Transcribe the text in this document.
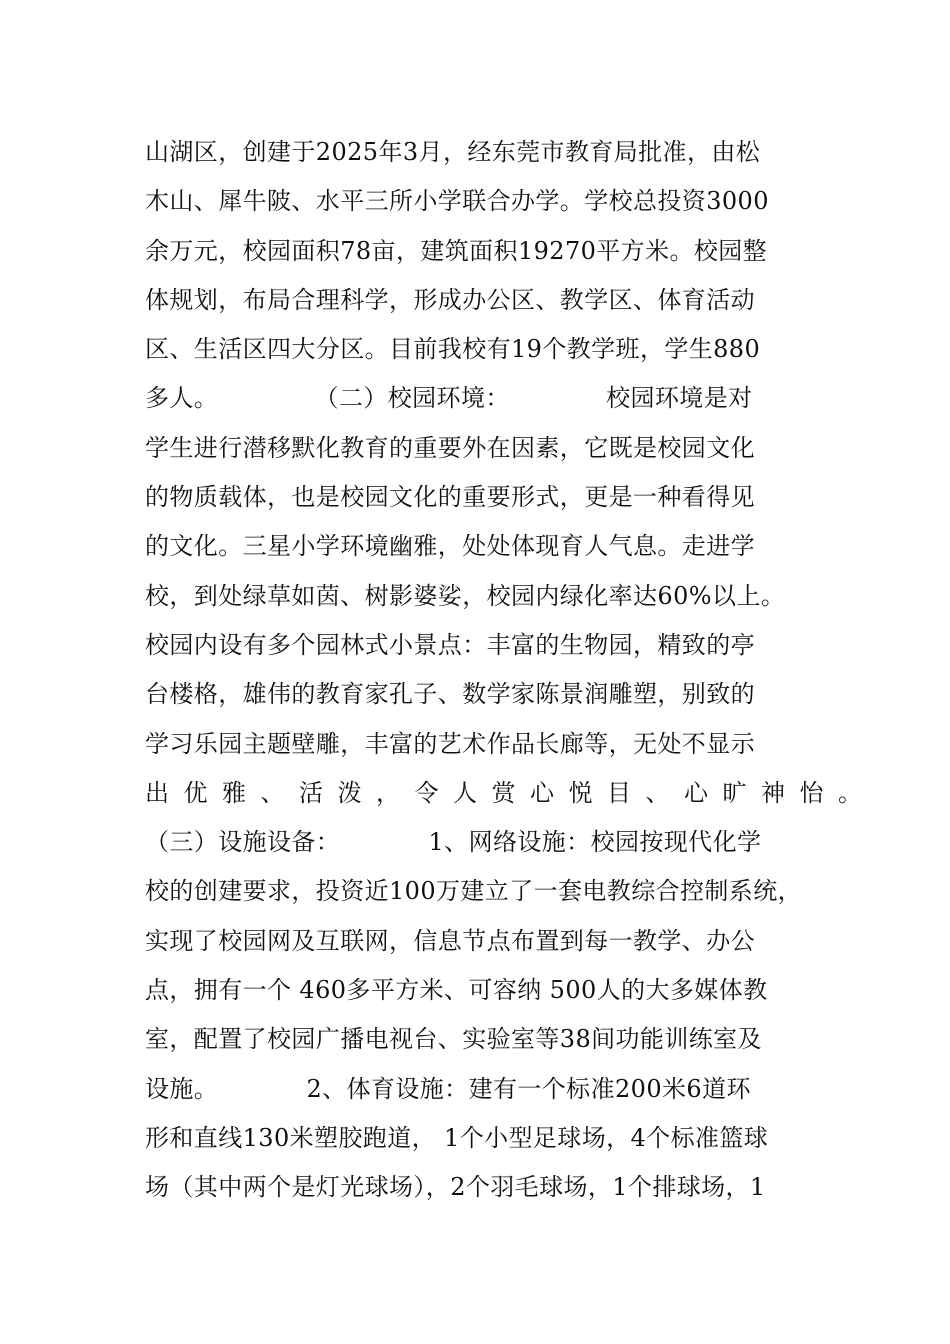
山湖区，创建于2025年3月，经东莞市教育局批准，由松
木山、犀牛陂、水平三所小学联合办学。学校总投资3000
余万元，校园面积78亩，建筑面积19270平方米。校园整
体规划，布局合理科学，形成办公区、教学区、体育活动
区、生活区四大分区。目前我校有19个教学班，学生880
多人。            （二）校园环境：            校园环境是对
学生进行潜移默化教育的重要外在因素，它既是校园文化
的物质载体，也是校园文化的重要形式，更是一种看得见
的文化。三星小学环境幽雅，处处体现育人气息。走进学
校，到处绿草如茵、树影婆娑，校园内绿化率达60%以上。
校园内设有多个园林式小景点：丰富的生物园，精致的亭
台楼格，雄伟的教育家孔子、数学家陈景润雕塑，别致的
学习乐园主题壁雕，丰富的艺术作品长廊等，无处不显示
出优雅、活泼，令人赏心悦目、心旷神怡。
（三）设施设备：           1、网络设施：校园按现代化学
校的创建要求，投资近100万建立了一套电教综合控制系统，
实现了校园网及互联网，信息节点布置到每一教学、办公
点，拥有一个 460多平方米、可容纳 500人的大多媒体教
室，配置了校园广播电视台、实验室等38间功能训练室及
设施。           2、体育设施：建有一个标准200米6道环
形和直线130米塑胶跑道， 1个小型足球场，4个标准篮球
场（其中两个是灯光球场），2个羽毛球场，1个排球场，1
